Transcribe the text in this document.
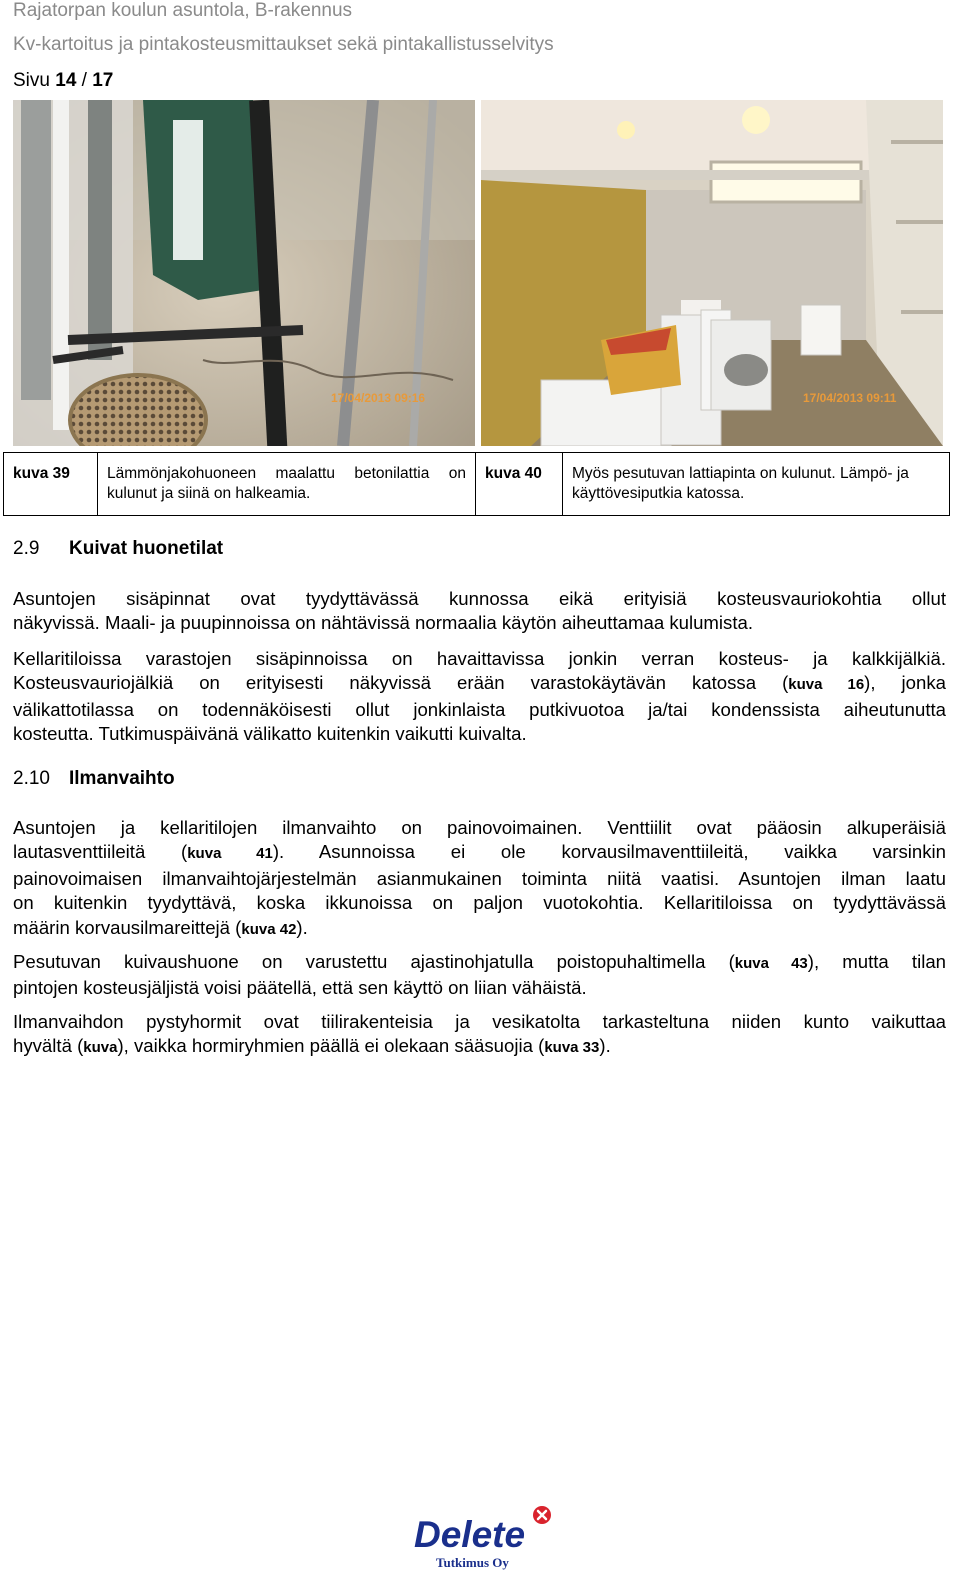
Rajatorpan koulun asuntola, B-rakennus
Kv-kartoitus ja pintakosteusmittaukset sekä pintakallistusselvitys
Sivu 14 / 17
17/04/2013 09:16	17/04/2013 09:11
kuva 39	Lämmönjakohuoneen maalattu betonilattia on kulunut ja siinä on halkeamia.	kuva 40	Myös pesutuvan lattiapinta on kulunut. Lämpö- ja käyttövesiputkia katossa.
2.9 Kuivat huonetilat
Asuntojen sisäpinnat ovat tyydyttävässä kunnossa eikä erityisiä kosteusvauriokohtia ollut
näkyvissä. Maali- ja puupinnoissa on nähtävissä normaalia käytön aiheuttamaa kulumista.
Kellaritiloissa varastojen sisäpinnoissa on havaittavissa jonkin verran kosteus- ja kalkkijälkiä.
Kosteusvauriojälkiä on erityisesti näkyvissä erään varastokäytävän katossa (kuva 16), jonka
välikattotilassa on todennäköisesti ollut jonkinlaista putkivuotoa ja/tai kondenssista aiheutunutta
kosteutta. Tutkimuspäivänä välikatto kuitenkin vaikutti kuivalta.
2.10 Ilmanvaihto
Asuntojen ja kellaritilojen ilmanvaihto on painovoimainen. Venttiilit ovat pääosin alkuperäisiä
lautasventtiileitä (kuva 41). Asunnoissa ei ole korvausilmaventtiileitä, vaikka varsinkin
painovoimaisen ilmanvaihtojärjestelmän asianmukainen toiminta niitä vaatisi. Asuntojen ilman laatu
on kuitenkin tyydyttävä, koska ikkunoissa on paljon vuotokohtia. Kellaritiloissa on tyydyttävässä
määrin korvausilmareittejä (kuva 42).
Pesutuvan kuivaushuone on varustettu ajastinohjatulla poistopuhaltimella (kuva 43), mutta tilan
pintojen kosteusjäljistä voisi päätellä, että sen käyttö on liian vähäistä.
Ilmanvaihdon pystyhormit ovat tiilirakenteisia ja vesikatolta tarkasteltuna niiden kunto vaikuttaa
hyvältä (kuva), vaikka hormiryhmien päällä ei olekaan sääsuojia (kuva 33).
Delete
Tutkimus Oy
